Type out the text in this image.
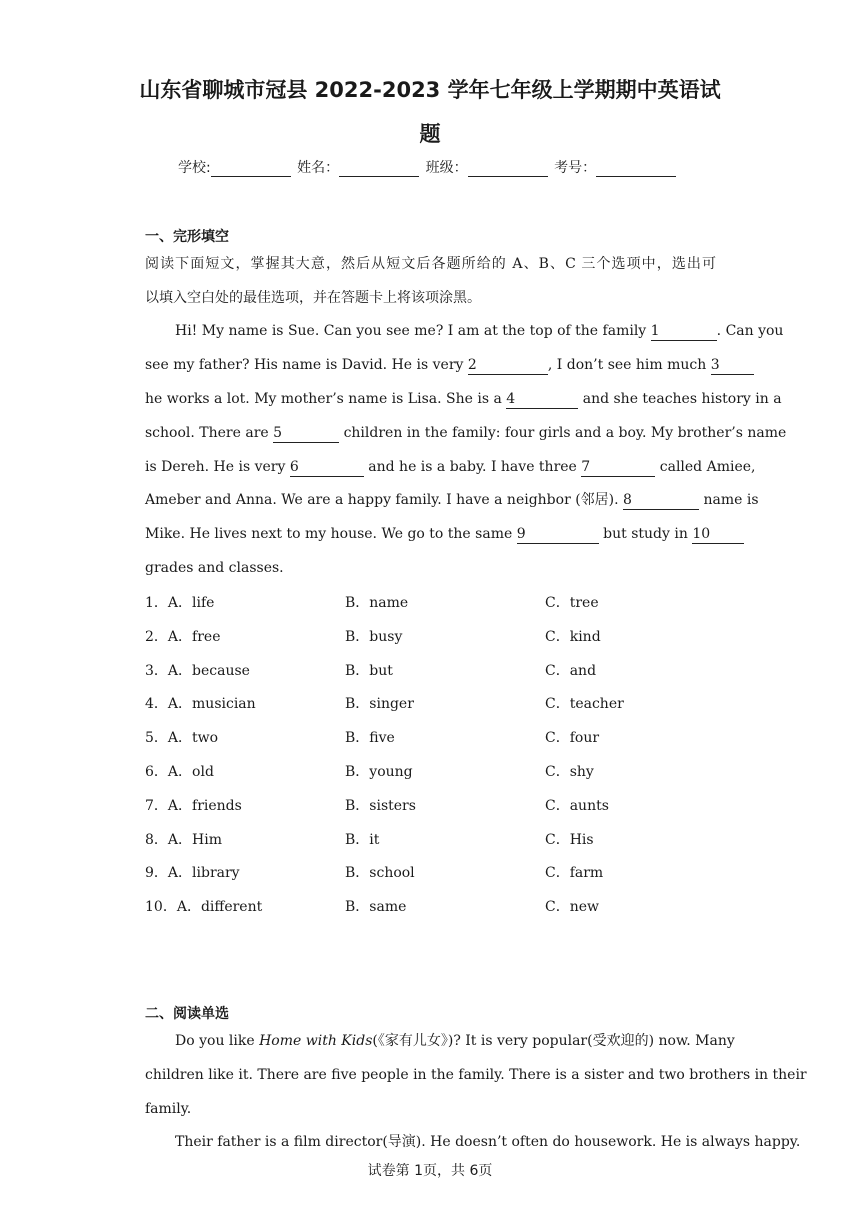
山东省聊城市冠县 2022-2023 学年七年级上学期期中英语试
题
学校:	姓名：	班级：	考号：
一、完形填空
阅读下面短文，掌握其大意，然后从短文后各题所给的 A、B、C 三个选项中，选出可
以填入空白处的最佳选项，并在答题卡上将该项涂黑。
Hi! My name is Sue. Can you see me? I am at the top of the family 1	. Can you
see my father? His name is David. He is very 2	, I don’t see him much 3
he works a lot. My mother’s name is Lisa. She is a 4	and she teaches history in a
school. There are 5	children in the family: four girls and a boy. My brother’s name
is Dereh. He is very 6	and he is a baby. I have three 7	called Amiee,
Ameber and Anna. We are a happy family. I have a neighbor (邻居). 8	name is
Mike. He lives next to my house. We go to the same 9	but study in 10
grades and classes.
1．A．life	B．name	C．tree
2．A．free	B．busy	C．kind
3．A．because	B．but	C．and
4．A．musician	B．singer	C．teacher
5．A．two	B．five	C．four
6．A．old	B．young	C．shy
7．A．friends	B．sisters	C．aunts
8．A．Him	B．it	C．His
9．A．library	B．school	C．farm
10．A．different	B．same	C．new
二、阅读单选
Do you like Home with Kids(《家有儿女》)? It is very popular(受欢迎的) now. Many
children like it. There are five people in the family. There is a sister and two brothers in their
family.
Their father is a film director(导演). He doesn’t often do housework. He is always happy.
试卷第 1页，共 6页
